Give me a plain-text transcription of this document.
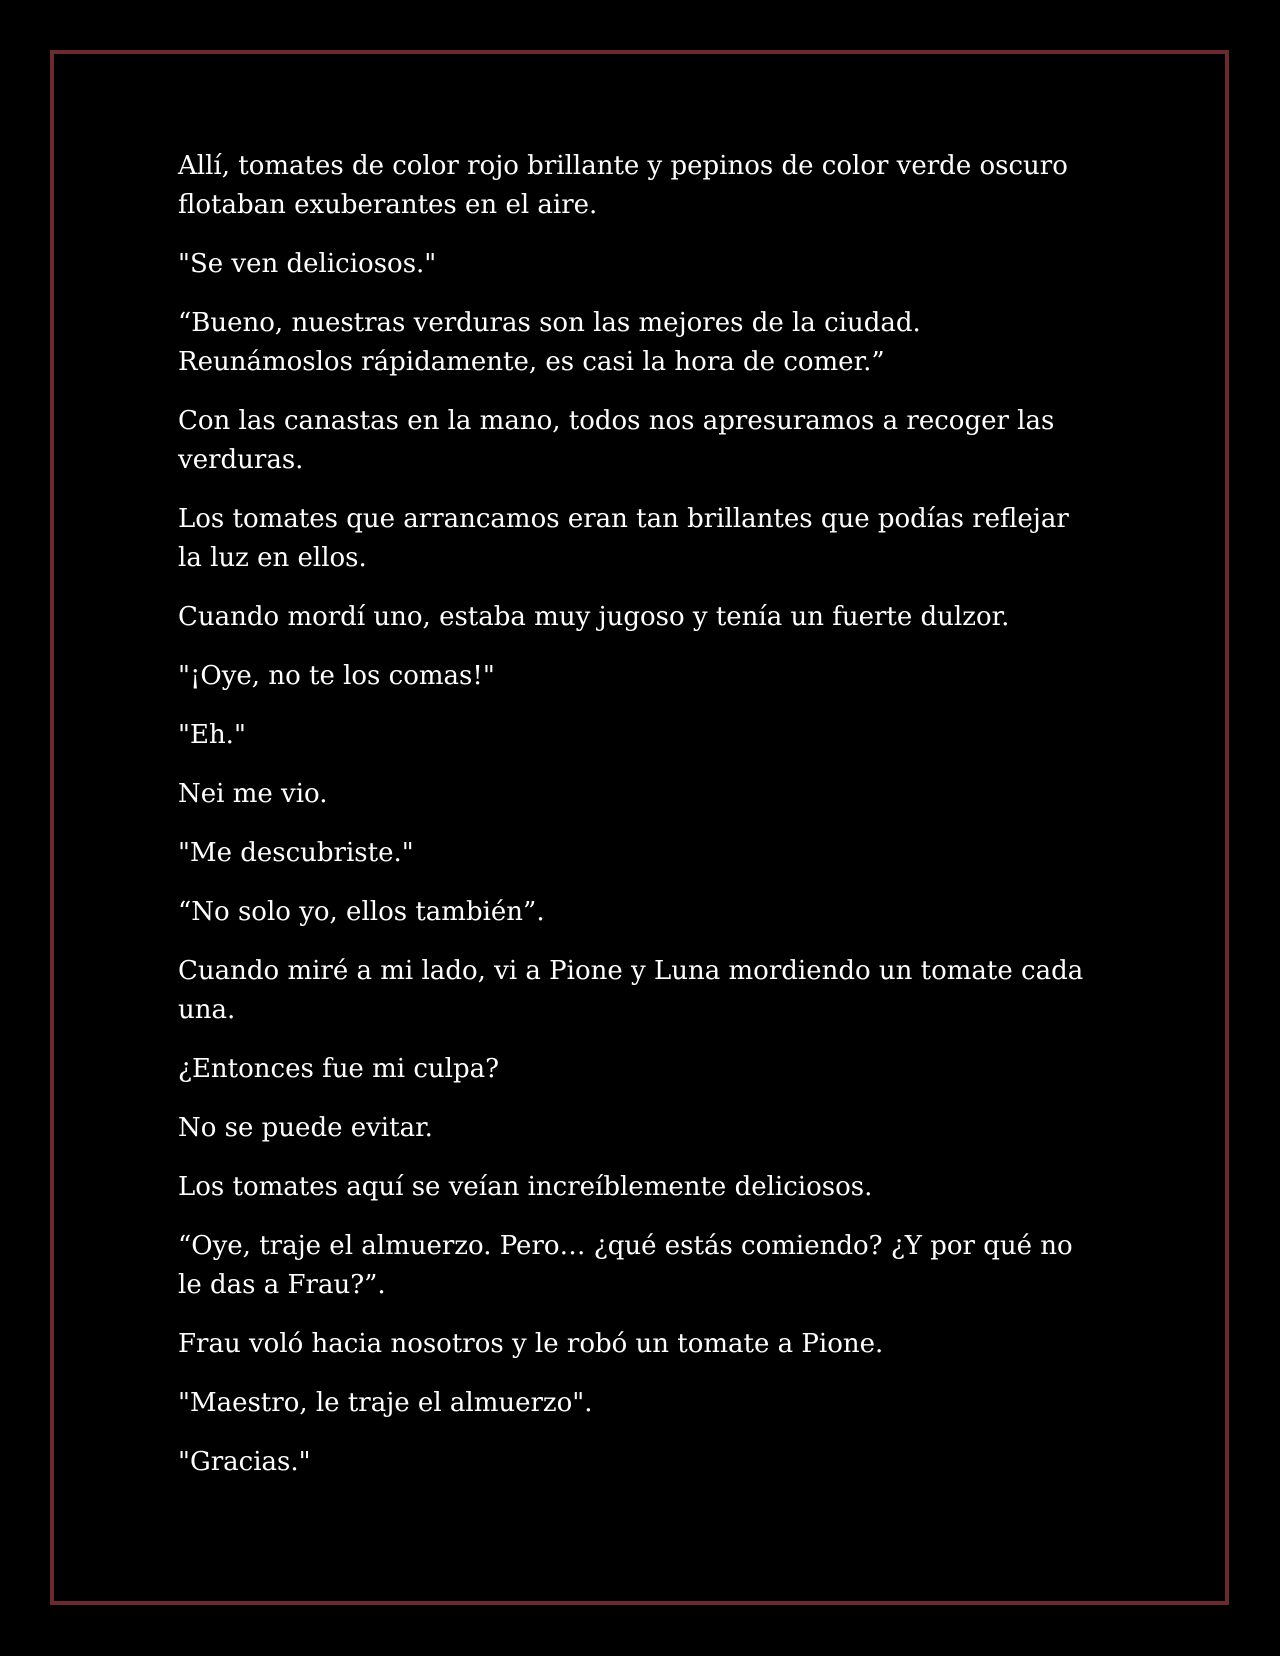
Allí, tomates de color rojo brillante y pepinos de color verde oscuro flotaban exuberantes en el aire.

"Se ven deliciosos."

“Bueno, nuestras verduras son las mejores de la ciudad. Reunámoslos rápidamente, es casi la hora de comer.”

Con las canastas en la mano, todos nos apresuramos a recoger las verduras.

Los tomates que arrancamos eran tan brillantes que podías reflejar la luz en ellos.

Cuando mordí uno, estaba muy jugoso y tenía un fuerte dulzor.

"¡Oye, no te los comas!"

"Eh."

Nei me vio.

"Me descubriste."

“No solo yo, ellos también”.

Cuando miré a mi lado, vi a Pione y Luna mordiendo un tomate cada una.

¿Entonces fue mi culpa?

No se puede evitar.

Los tomates aquí se veían increíblemente deliciosos.

“Oye, traje el almuerzo. Pero… ¿qué estás comiendo? ¿Y por qué no le das a Frau?”.

Frau voló hacia nosotros y le robó un tomate a Pione.

"Maestro, le traje el almuerzo".

"Gracias."
